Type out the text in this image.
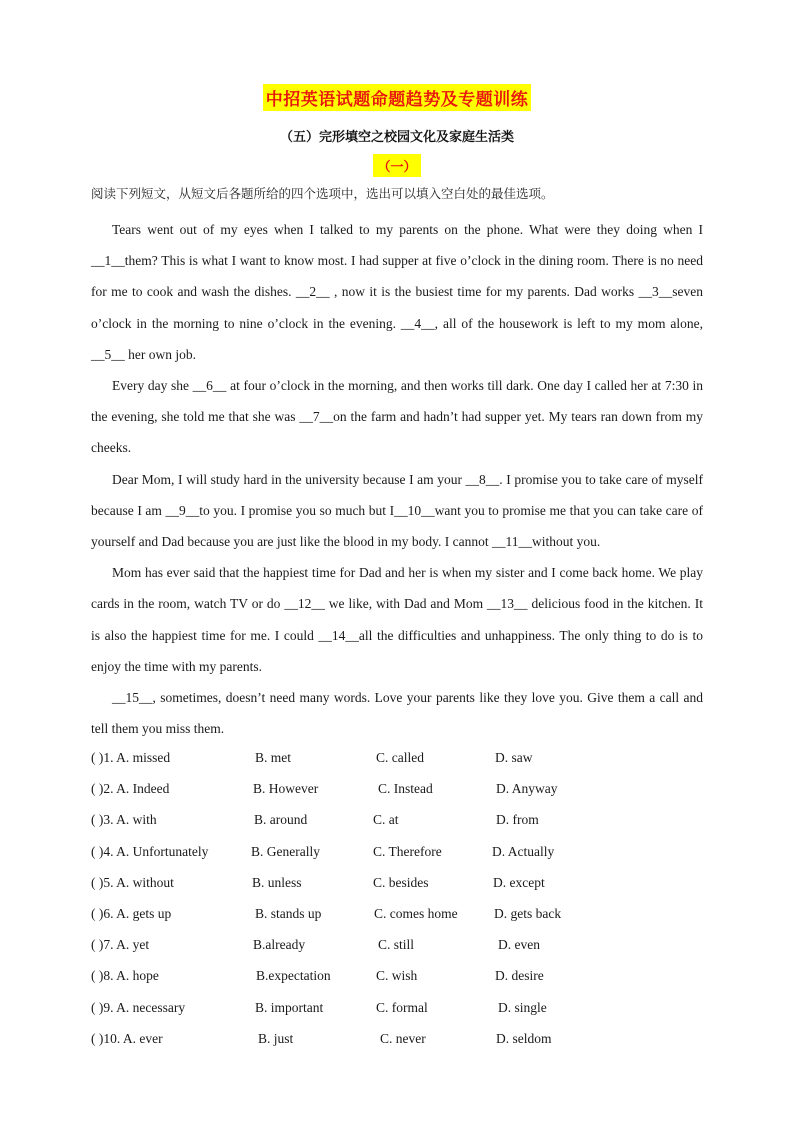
中招英语试题命题趋势及专题训练
（五）完形填空之校园文化及家庭生活类
（一）
阅读下列短文，从短文后各题所给的四个选项中，选出可以填入空白处的最佳选项。

Tears went out of my eyes when I talked to my parents on the phone. What were they doing when I __1__them? This is what I want to know most. I had supper at five o’clock in the dining room. There is no need for me to cook and wash the dishes. __2__ , now it is the busiest time for my parents. Dad works __3__seven o’clock in the morning to nine o’clock in the evening. __4__, all of the housework is left to my mom alone, __5__ her own job.

Every day she __6__ at four o’clock in the morning, and then works till dark. One day I called her at 7:30 in the evening, she told me that she was __7__on the farm and hadn’t had supper yet. My tears ran down from my cheeks.

Dear Mom, I will study hard in the university because I am your __8__. I promise you to take care of myself because I am __9__to you. I promise you so much but I__10__want you to promise me that you can take care of yourself and Dad because you are just like the blood in my body. I cannot __11__without you.

Mom has ever said that the happiest time for Dad and her is when my sister and I come back home. We play cards in the room, watch TV or do __12__ we like, with Dad and Mom __13__ delicious food in the kitchen. It is also the happiest time for me. I could __14__all the difficulties and unhappiness. The only thing to do is to enjoy the time with my parents.

__15__, sometimes, doesn’t need many words. Love your parents like they love you. Give them a call and tell them you miss them.

( )1. A. missed	B. met	C. called	D. saw
( )2. A. Indeed	B. However	C. Instead	D. Anyway
( )3. A. with	B. around	C. at	D. from
( )4. A. Unfortunately	B. Generally	C. Therefore	D. Actually
( )5. A. without	B. unless	C. besides	D. except
( )6. A. gets up	B. stands up	C. comes home	D. gets back
( )7. A. yet	B.already	C. still	D. even
( )8. A. hope	B.expectation	C. wish	D. desire
( )9. A. necessary	B. important	C. formal	D. single
( )10. A. ever	B. just	C. never	D. seldom
